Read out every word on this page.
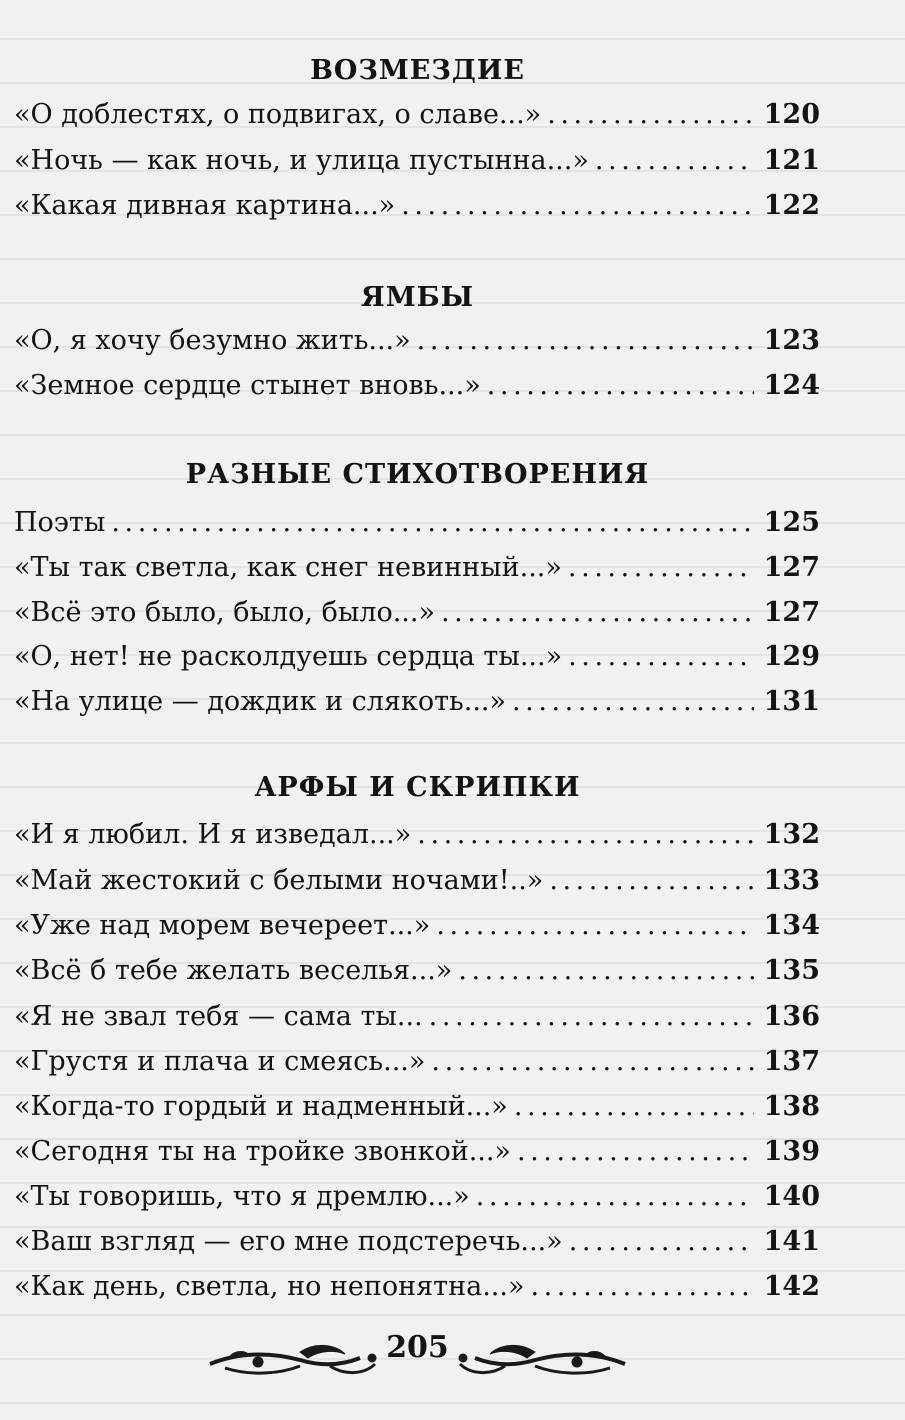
ВОЗМЕЗДИЕ
«О доблестях, о подвигах, о славе...» . . .	120
«Ночь — как ночь, и улица пустынна...» . . .	121
«Какая дивная картина...» . . .	122
ЯМБЫ
«О, я хочу безумно жить...» . . .	123
«Земное сердце стынет вновь...» . . .	124
РАЗНЫЕ СТИХОТВОРЕНИЯ
Поэты . . .	125
«Ты так светла, как снег невинный...» . . .	127
«Всё это было, было, было...» . . .	127
«О, нет! не расколдуешь сердца ты...» . . .	129
«На улице — дождик и слякоть...» . . .	131
АРФЫ И СКРИПКИ
«И я любил. И я изведал...» . . .	132
«Май жестокий с белыми ночами!..» . . .	133
«Уже над морем вечереет...» . . .	134
«Всё б тебе желать веселья...» . . .	135
«Я не звал тебя — сама ты... . . .	136
«Грустя и плача и смеясь...» . . .	137
«Когда-то гордый и надменный...» . . .	138
«Сегодня ты на тройке звонкой...» . . .	139
«Ты говоришь, что я дремлю...» . . .	140
«Ваш взгляд — его мне подстеречь...» . . .	141
«Как день, светла, но непонятна...» . . .	142
205
